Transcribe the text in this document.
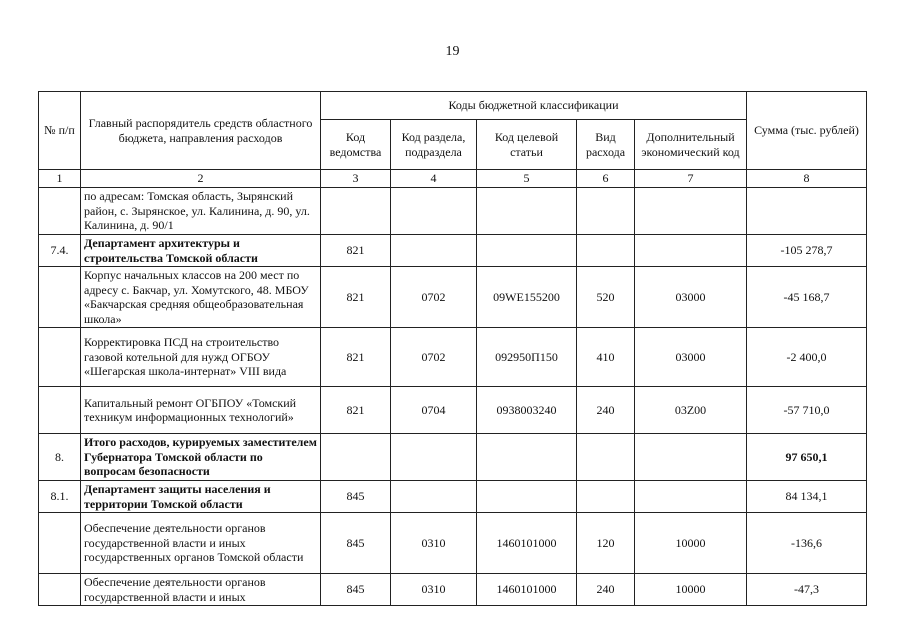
19
№ п/п	Главный распорядитель средств областного бюджета, направления расходов	Коды бюджетной классификации					Сумма (тыс. рублей)
		Код ведомства	Код раздела, подраздела	Код целевой статьи	Вид расхода	Дополнительный экономический код	
1	2	3	4	5	6	7	8
	по адресам: Томская область, Зырянский район, с. Зырянское, ул. Калинина, д. 90, ул. Калинина, д. 90/1						
7.4.	Департамент архитектуры и строительства Томской области	821					-105 278,7
	Корпус начальных классов на 200 мест по адресу с. Бакчар, ул. Хомутского, 48. МБОУ «Бакчарская средняя общеобразовательная школа»	821	0702	09WE155200	520	03000	-45 168,7
	Корректировка ПСД на строительство газовой котельной для нужд ОГБОУ «Шегарская школа-интернат» VIII вида	821	0702	092950П150	410	03000	-2 400,0
	Капитальный ремонт ОГБПОУ «Томский техникум информационных технологий»	821	0704	0938003240	240	03Z00	-57 710,0
8.	Итого расходов, курируемых заместителем Губернатора Томской области по вопросам безопасности						97 650,1
8.1.	Департамент защиты населения и территории Томской области	845					84 134,1
	Обеспечение деятельности органов государственной власти и иных государственных органов Томской области	845	0310	1460101000	120	10000	-136,6
	Обеспечение деятельности органов государственной власти и иных	845	0310	1460101000	240	10000	-47,3
